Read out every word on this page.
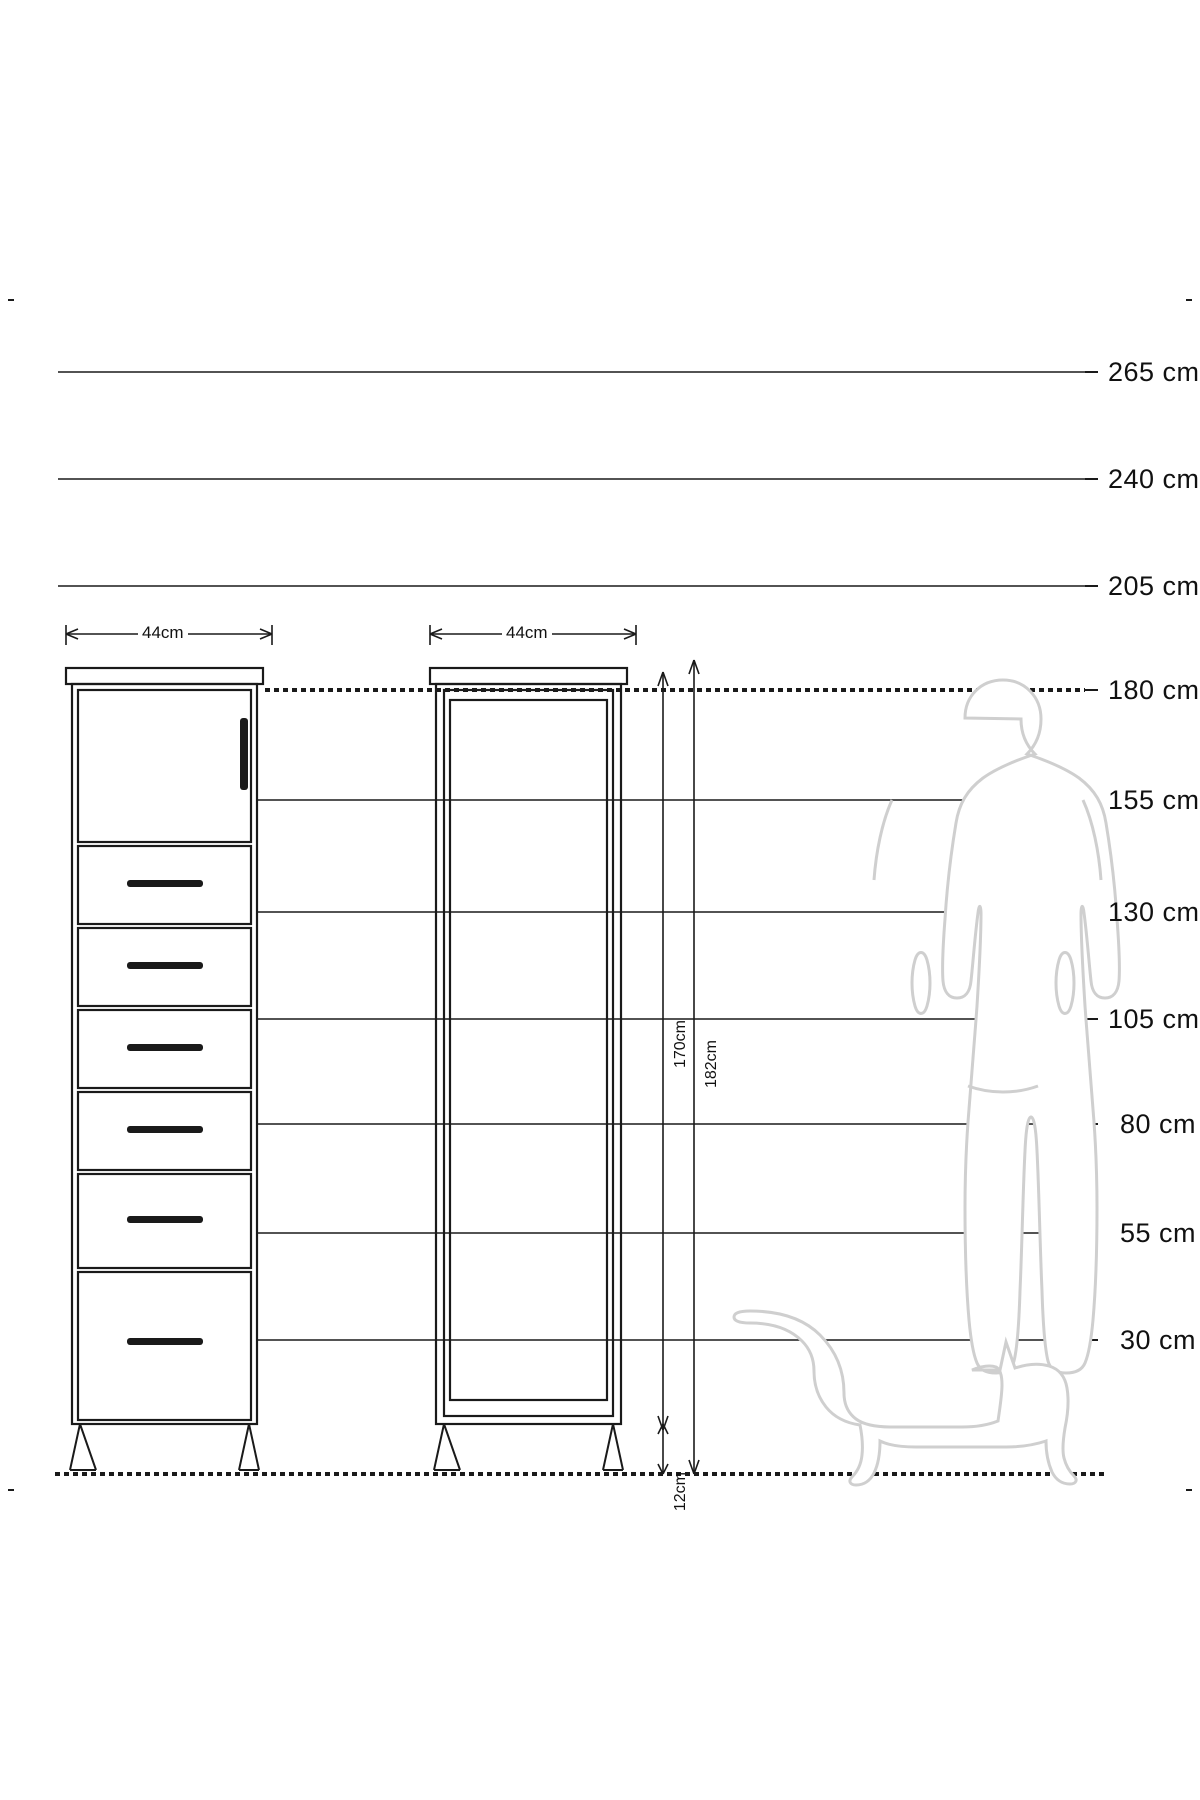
265 cm
240 cm
205 cm
180 cm
155 cm
130 cm
105 cm
80 cm
55 cm
30 cm
44cm	44cm
170cm 182cm
12cm
